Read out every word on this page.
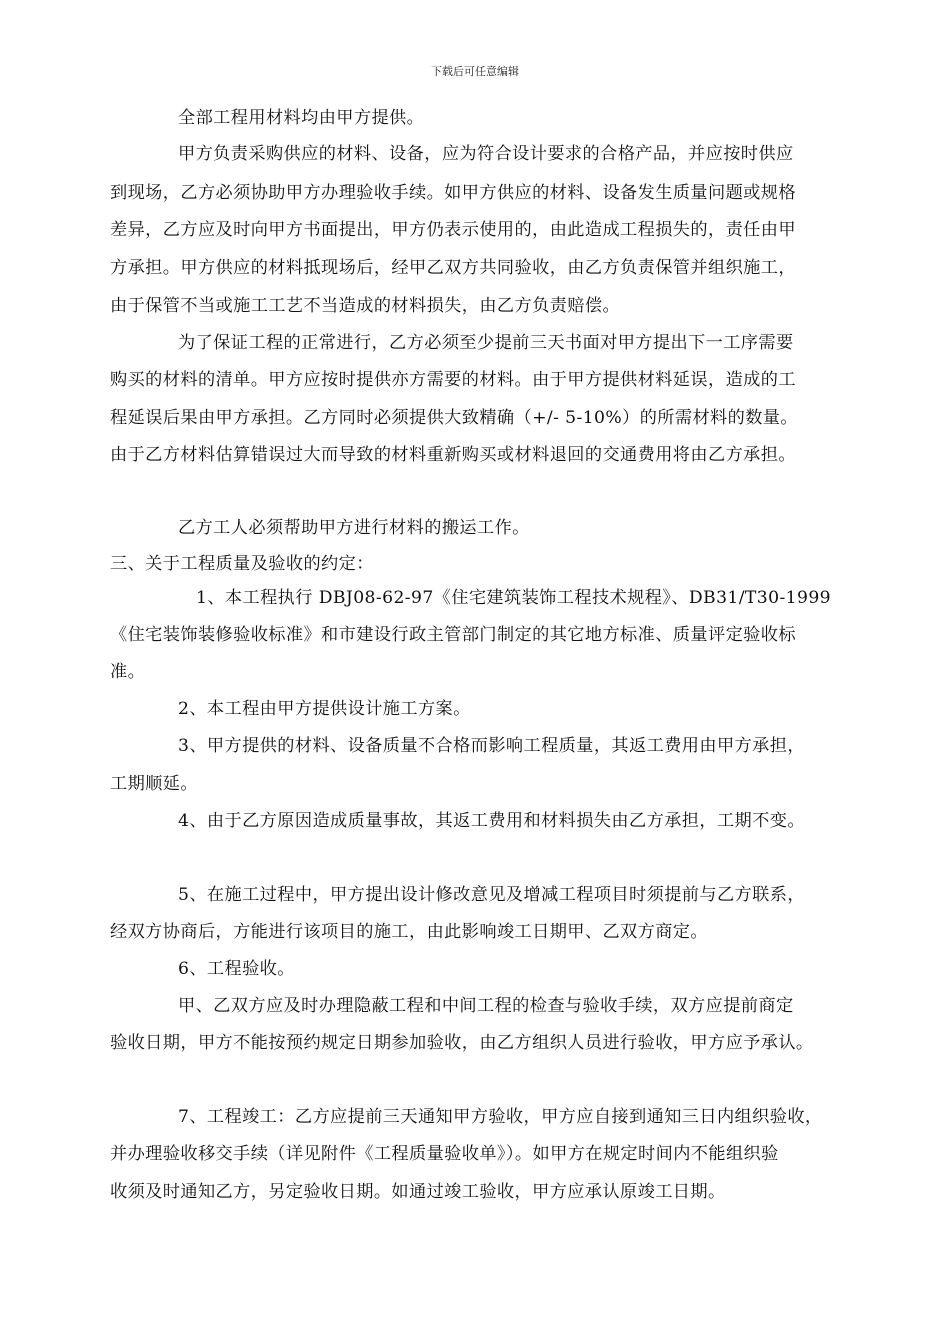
下载后可任意编辑
全部工程用材料均由甲方提供。
甲方负责采购供应的材料、设备，应为符合设计要求的合格产品，并应按时供应
到现场，乙方必须协助甲方办理验收手续。如甲方供应的材料、设备发生质量问题或规格
差异，乙方应及时向甲方书面提出，甲方仍表示使用的，由此造成工程损失的，责任由甲
方承担。甲方供应的材料抵现场后，经甲乙双方共同验收，由乙方负责保管并组织施工，
由于保管不当或施工工艺不当造成的材料损失，由乙方负责赔偿。
为了保证工程的正常进行，乙方必须至少提前三天书面对甲方提出下一工序需要
购买的材料的清单。甲方应按时提供亦方需要的材料。由于甲方提供材料延误，造成的工
程延误后果由甲方承担。乙方同时必须提供大致精确（+/- 5-10%）的所需材料的数量。
由于乙方材料估算错误过大而导致的材料重新购买或材料退回的交通费用将由乙方承担。
乙方工人必须帮助甲方进行材料的搬运工作。
三、关于工程质量及验收的约定：
1、本工程执行 DBJ08-62-97《住宅建筑装饰工程技术规程》、DB31/T30-1999
《住宅装饰装修验收标准》和市建设行政主管部门制定的其它地方标准、质量评定验收标
准。
2、本工程由甲方提供设计施工方案。
3、甲方提供的材料、设备质量不合格而影响工程质量，其返工费用由甲方承担，
工期顺延。
4、由于乙方原因造成质量事故，其返工费用和材料损失由乙方承担，工期不变。
5、在施工过程中，甲方提出设计修改意见及增减工程项目时须提前与乙方联系，
经双方协商后，方能进行该项目的施工，由此影响竣工日期甲、乙双方商定。
6、工程验收。
甲、乙双方应及时办理隐蔽工程和中间工程的检查与验收手续，双方应提前商定
验收日期，甲方不能按预约规定日期参加验收，由乙方组织人员进行验收，甲方应予承认。
7、工程竣工：乙方应提前三天通知甲方验收，甲方应自接到通知三日内组织验收，
并办理验收移交手续（详见附件《工程质量验收单》）。如甲方在规定时间内不能组织验
收须及时通知乙方，另定验收日期。如通过竣工验收，甲方应承认原竣工日期。
